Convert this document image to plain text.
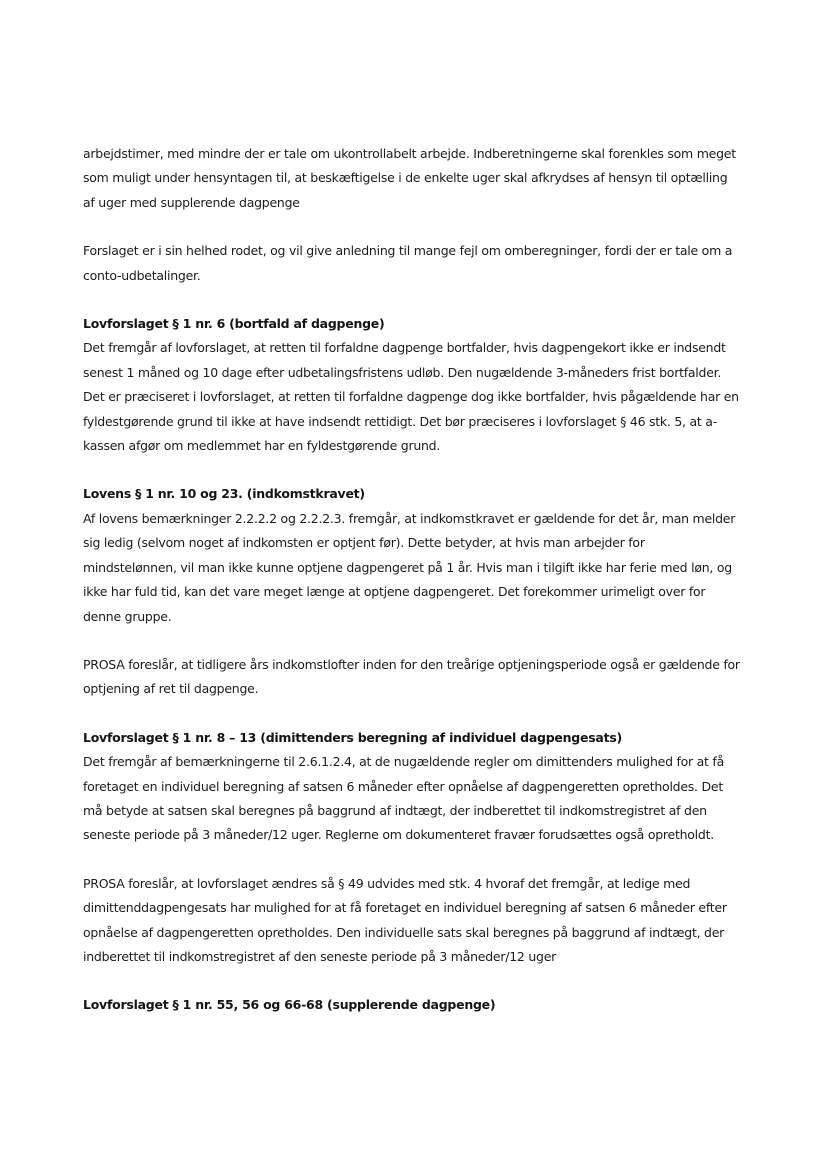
arbejdstimer, med mindre der er tale om ukontrollabelt arbejde. Indberetningerne skal forenkles som meget
som muligt under hensyntagen til, at beskæftigelse i de enkelte uger skal afkrydses af hensyn til optælling
af uger med supplerende dagpenge

Forslaget er i sin helhed rodet, og vil give anledning til mange fejl om omberegninger, fordi der er tale om a
conto-udbetalinger.

Lovforslaget § 1 nr. 6 (bortfald af dagpenge)

Det fremgår af lovforslaget, at retten til forfaldne dagpenge bortfalder, hvis dagpengekort ikke er indsendt
senest 1 måned og 10 dage efter udbetalingsfristens udløb. Den nugældende 3-måneders frist bortfalder.
Det er præciseret i lovforslaget, at retten til forfaldne dagpenge dog ikke bortfalder, hvis pågældende har en
fyldestgørende grund til ikke at have indsendt rettidigt. Det bør præciseres i lovforslaget § 46 stk. 5, at a-
kassen afgør om medlemmet har en fyldestgørende grund.

Lovens § 1 nr. 10 og 23. (indkomstkravet)

Af lovens bemærkninger 2.2.2.2 og 2.2.2.3. fremgår, at indkomstkravet er gældende for det år, man melder
sig ledig (selvom noget af indkomsten er optjent før). Dette betyder, at hvis man arbejder for
mindstelønnen, vil man ikke kunne optjene dagpengeret på 1 år. Hvis man i tilgift ikke har ferie med løn, og
ikke har fuld tid, kan det vare meget længe at optjene dagpengeret. Det forekommer urimeligt over for
denne gruppe.

PROSA foreslår, at tidligere års indkomstlofter inden for den treårige optjeningsperiode også er gældende for
optjening af ret til dagpenge.

Lovforslaget § 1 nr. 8 – 13 (dimittenders beregning af individuel dagpengesats)

Det fremgår af bemærkningerne til 2.6.1.2.4, at de nugældende regler om dimittenders mulighed for at få
foretaget en individuel beregning af satsen 6 måneder efter opnåelse af dagpengeretten opretholdes. Det
må betyde at satsen skal beregnes på baggrund af indtægt, der indberettet til indkomstregistret af den
seneste periode på 3 måneder/12 uger. Reglerne om dokumenteret fravær forudsættes også opretholdt.

PROSA foreslår, at lovforslaget ændres så § 49 udvides med stk. 4 hvoraf det fremgår, at ledige med
dimittenddagpengesats har mulighed for at få foretaget en individuel beregning af satsen 6 måneder efter
opnåelse af dagpengeretten opretholdes. Den individuelle sats skal beregnes på baggrund af indtægt, der
indberettet til indkomstregistret af den seneste periode på 3 måneder/12 uger

Lovforslaget § 1 nr. 55, 56 og 66-68 (supplerende dagpenge)
